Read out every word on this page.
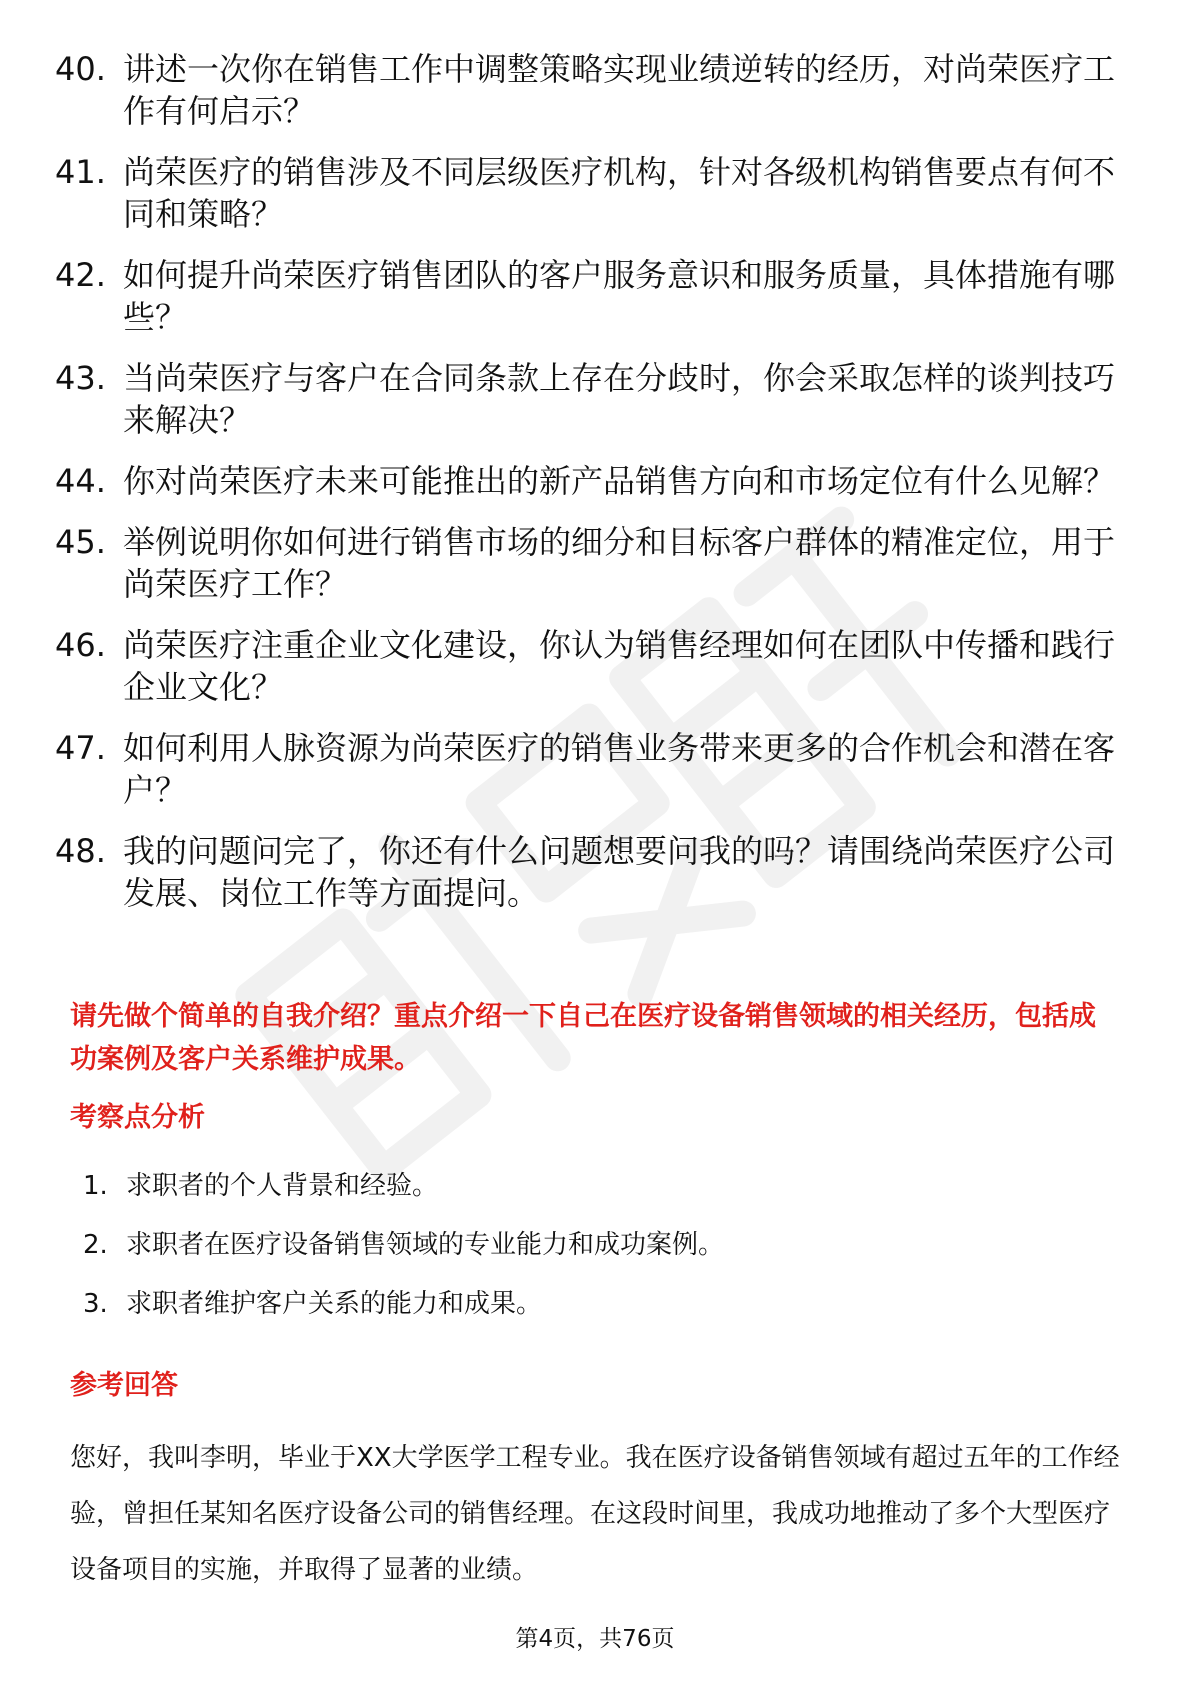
40. 讲述一次你在销售工作中调整策略实现业绩逆转的经历，对尚荣医疗工作有何启示？
41. 尚荣医疗的销售涉及不同层级医疗机构，针对各级机构销售要点有何不同和策略？
42. 如何提升尚荣医疗销售团队的客户服务意识和服务质量，具体措施有哪些？
43. 当尚荣医疗与客户在合同条款上存在分歧时，你会采取怎样的谈判技巧来解决？
44. 你对尚荣医疗未来可能推出的新产品销售方向和市场定位有什么见解？
45. 举例说明你如何进行销售市场的细分和目标客户群体的精准定位，用于尚荣医疗工作？
46. 尚荣医疗注重企业文化建设，你认为销售经理如何在团队中传播和践行企业文化？
47. 如何利用人脉资源为尚荣医疗的销售业务带来更多的合作机会和潜在客户？
48. 我的问题问完了，你还有什么问题想要问我的吗？请围绕尚荣医疗公司发展、岗位工作等方面提问。

请先做个简单的自我介绍？重点介绍一下自己在医疗设备销售领域的相关经历，包括成功案例及客户关系维护成果。

考察点分析
1. 求职者的个人背景和经验。
2. 求职者在医疗设备销售领域的专业能力和成功案例。
3. 求职者维护客户关系的能力和成果。
参考回答

您好，我叫李明，毕业于XX大学医学工程专业。我在医疗设备销售领域有超过五年的工作经验，曾担任某知名医疗设备公司的销售经理。在这段时间里，我成功地推动了多个大型医疗设备项目的实施，并取得了显著的业绩。

第4页，共76页
